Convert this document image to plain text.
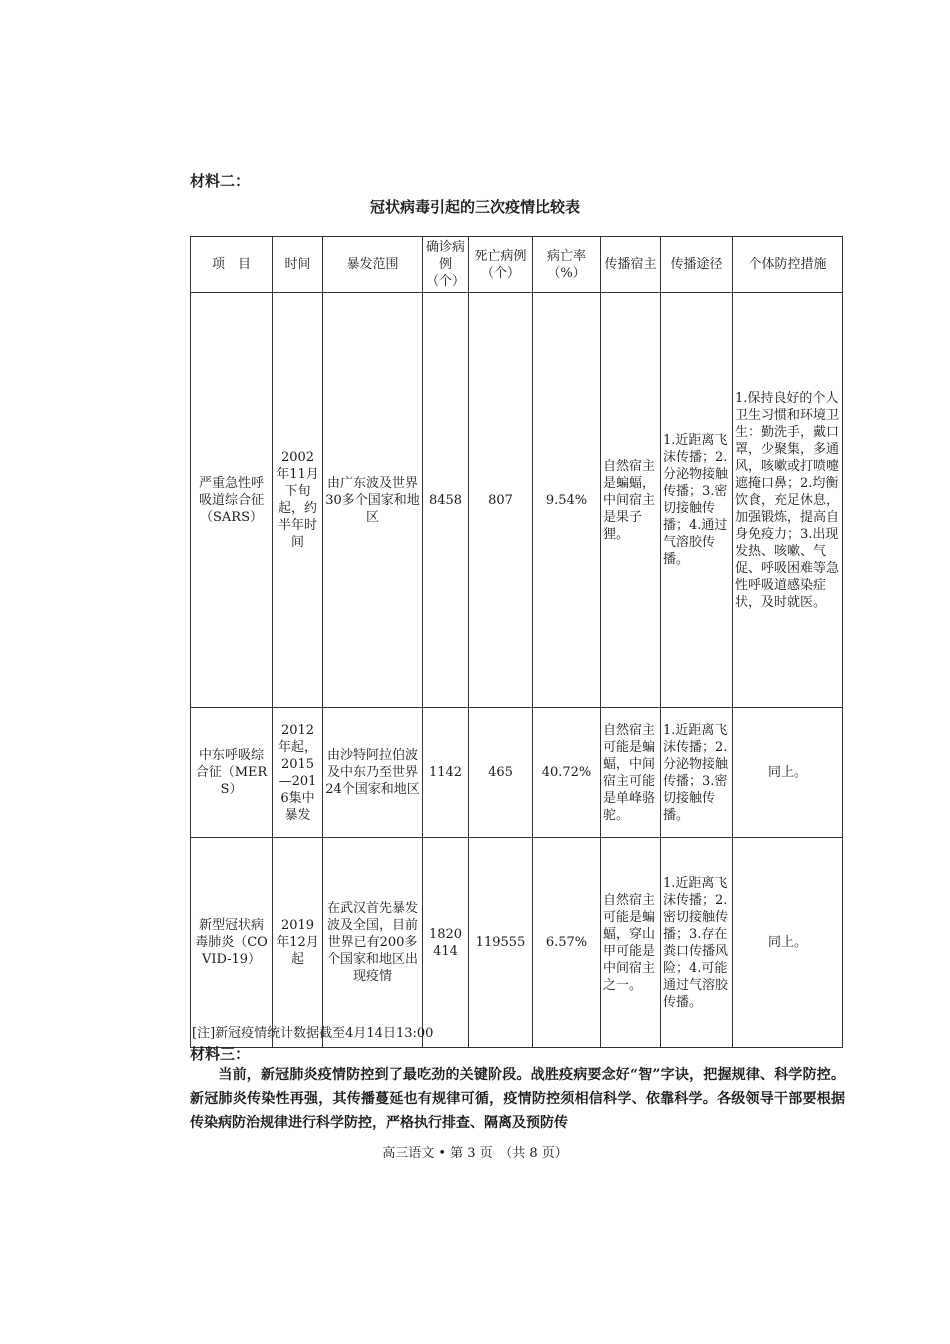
材料二：
冠状病毒引起的三次疫情比较表
项　目	时间	暴发范围	确诊病例（个）	死亡病例（个）	病亡率（%）	传播宿主	传播途径	个体防控措施
严重急性呼吸道综合征（SARS）	2002年11月下旬起，约半年时间	由广东波及世界30多个国家和地区	8458	807	9.54%	自然宿主是蝙蝠，中间宿主是果子狸。	1.近距离飞沫传播；2.分泌物接触传播；3.密切接触传播；4.通过气溶胶传播。	1.保持良好的个人卫生习惯和环境卫生：勤洗手，戴口罩，少聚集，多通风，咳嗽或打喷嚏遮掩口鼻；2.均衡饮食，充足休息，加强锻炼，提高自身免疫力；3.出现发热、咳嗽、气促、呼吸困难等急性呼吸道感染症状，及时就医。
中东呼吸综合征（MERS）	2012年起，2015—2016集中暴发	由沙特阿拉伯波及中东乃至世界24个国家和地区	1142	465	40.72%	自然宿主可能是蝙蝠，中间宿主可能是单峰骆驼。	1.近距离飞沫传播；2.分泌物接触传播；3.密切接触传播。	同上。
新型冠状病毒肺炎（COVID-19）	2019年12月起	在武汉首先暴发波及全国，目前世界已有200多个国家和地区出现疫情	1820414	119555	6.57%	自然宿主可能是蝙蝠，穿山甲可能是中间宿主之一。	1.近距离飞沫传播；2.密切接触传播；3.存在粪口传播风险；4.可能通过气溶胶传播。	同上。
[注]新冠疫情统计数据截至4月14日13:00
材料三：
　　当前，新冠肺炎疫情防控到了最吃劲的关键阶段。战胜疫病要念好“智”字诀，把握规律、科学防控。新冠肺炎传染性再强，其传播蔓延也有规律可循，疫情防控须相信科学、依靠科学。各级领导干部要根据传染病防治规律进行科学防控，严格执行排查、隔离及预防传
高三语文 • 第 3 页　（共 8 页）
